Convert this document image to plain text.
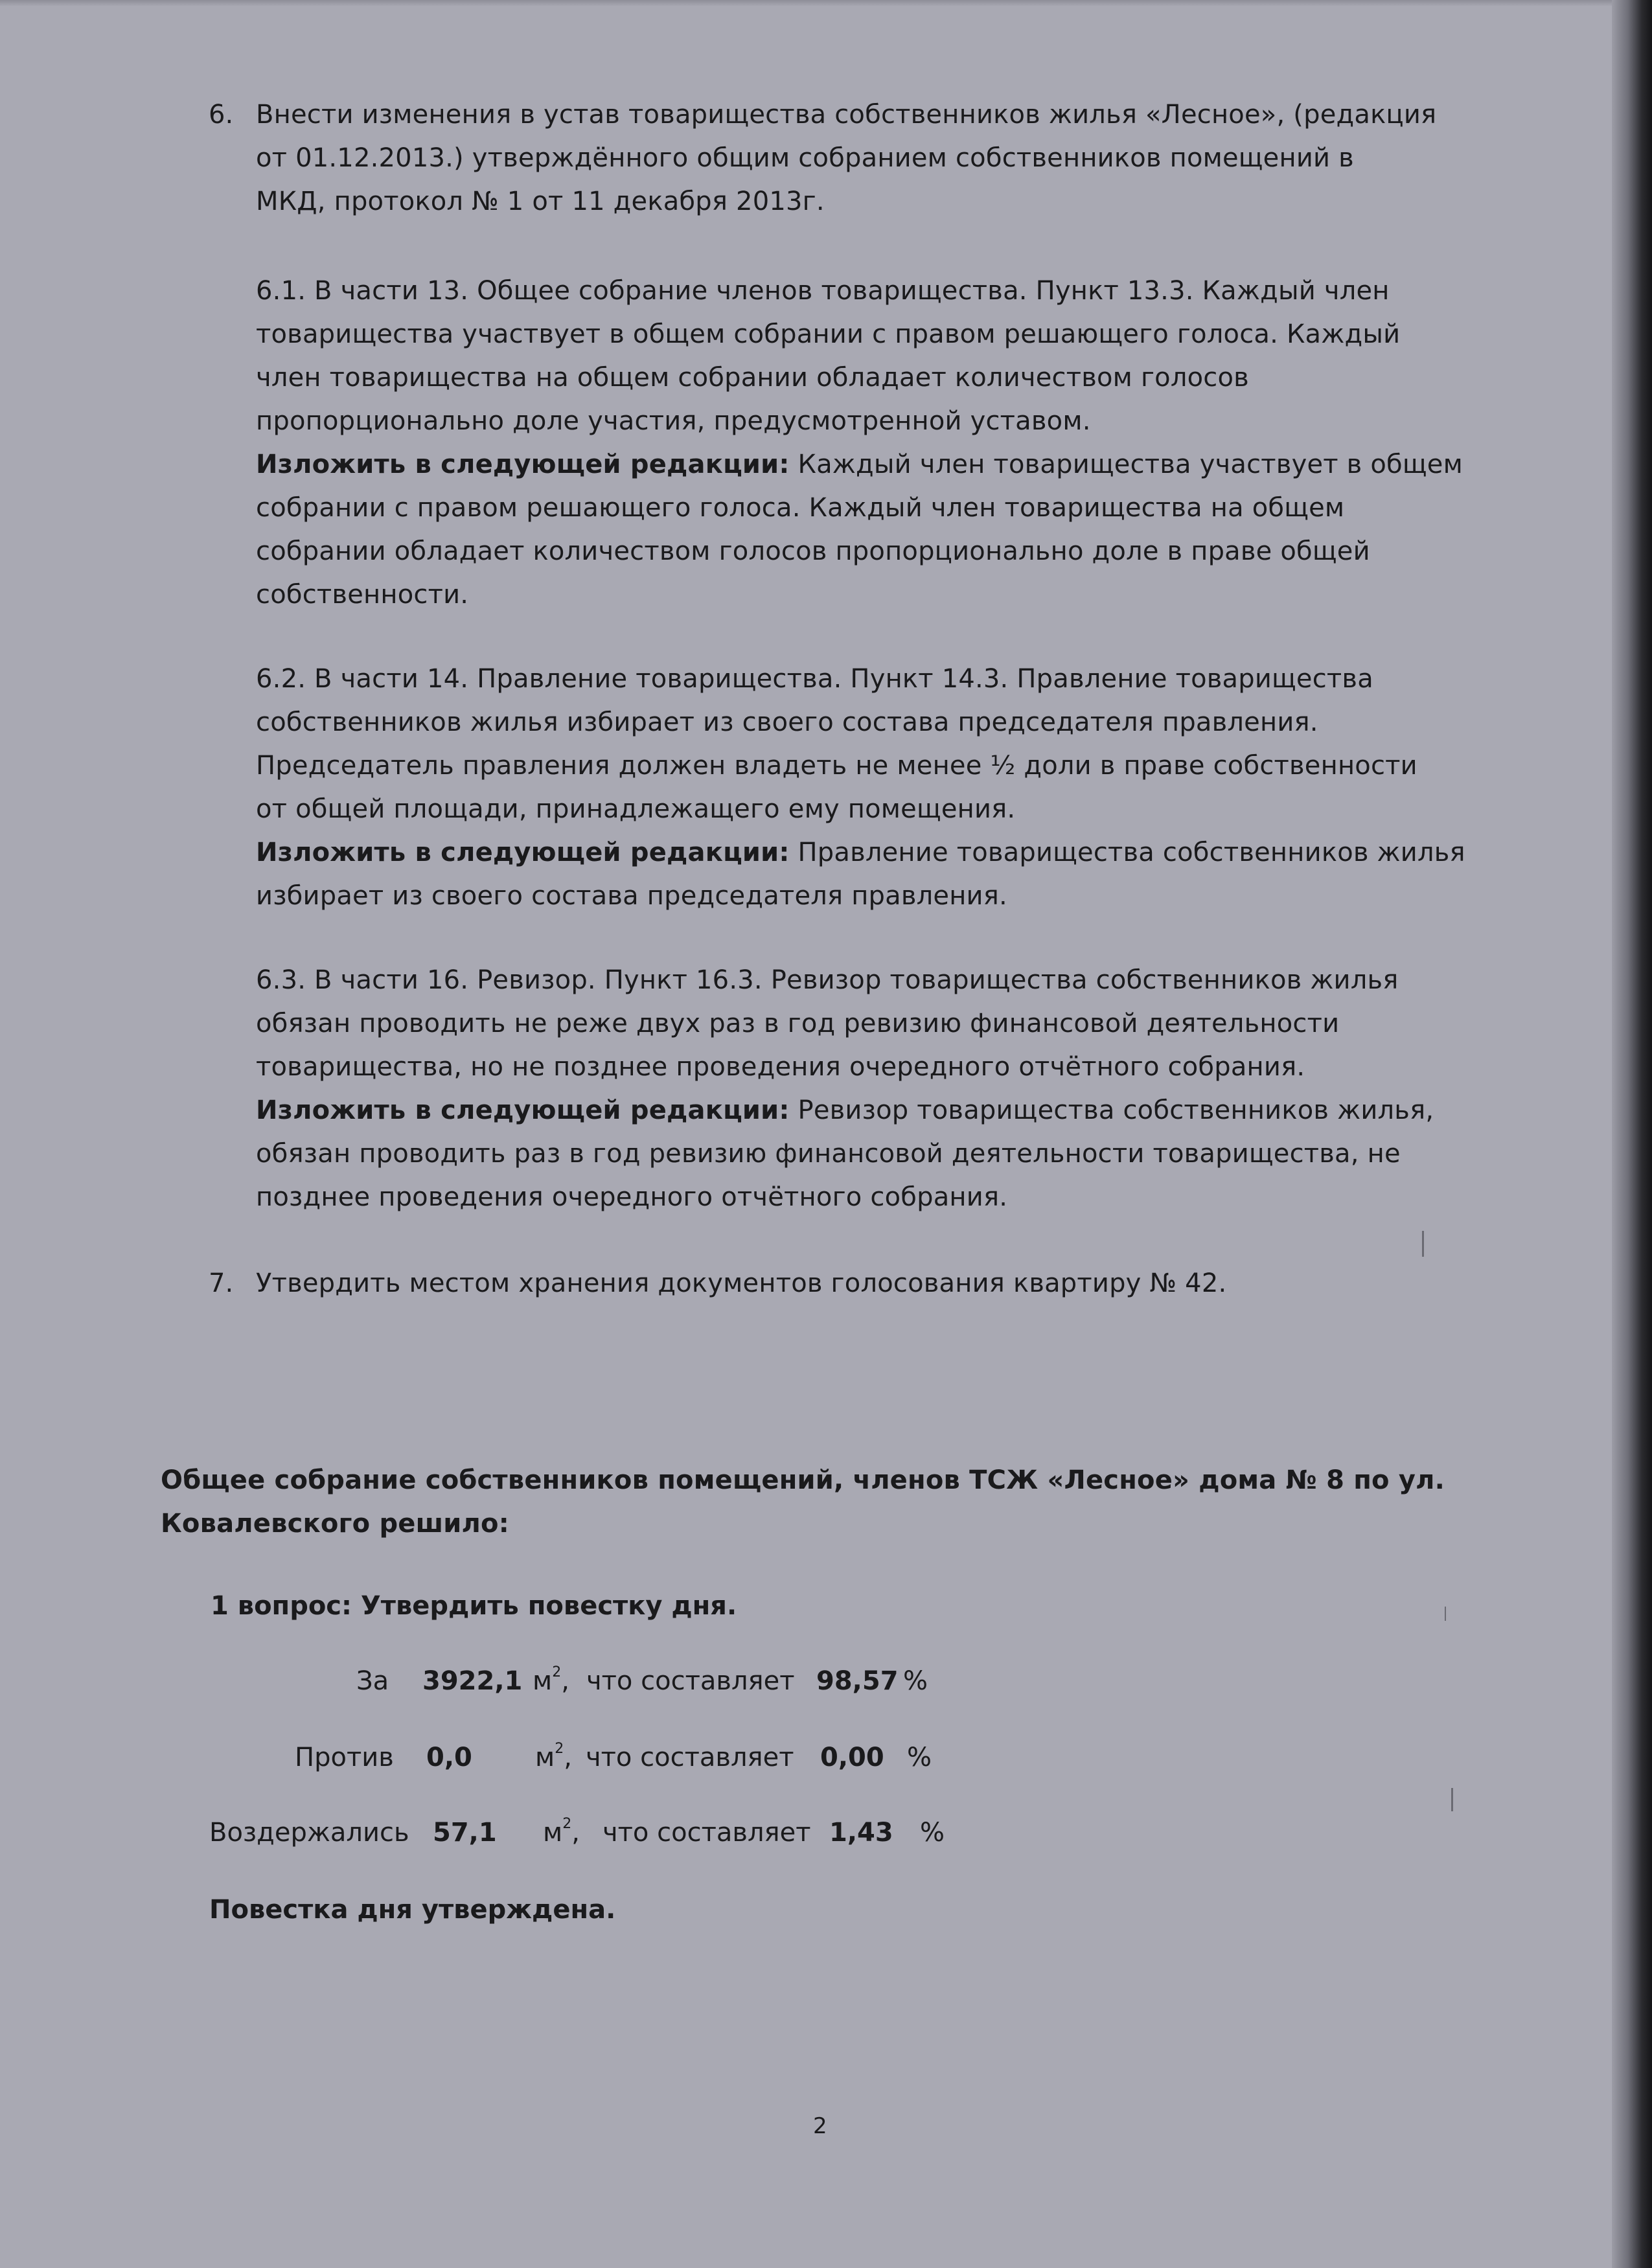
6. Внести изменения в устав товарищества собственников жилья «Лесное», (редакция
от 01.12.2013.) утверждённого общим собранием собственников помещений в
МКД, протокол № 1 от 11 декабря 2013г.
6.1. В части 13. Общее собрание членов товарищества. Пункт 13.3. Каждый член
товарищества участвует в общем собрании с правом решающего голоса. Каждый
член товарищества на общем собрании обладает количеством голосов
пропорционально доле участия, предусмотренной уставом.
Изложить в следующей редакции: Каждый член товарищества участвует в общем
собрании с правом решающего голоса. Каждый член товарищества на общем
собрании обладает количеством голосов пропорционально доле в праве общей
собственности.
6.2. В части 14. Правление товарищества. Пункт 14.3. Правление товарищества
собственников жилья избирает из своего состава председателя правления.
Председатель правления должен владеть не менее ½ доли в праве собственности
от общей площади, принадлежащего ему помещения.
Изложить в следующей редакции: Правление товарищества собственников жилья
избирает из своего состава председателя правления.
6.3. В части 16. Ревизор. Пункт 16.3. Ревизор товарищества собственников жилья
обязан проводить не реже двух раз в год ревизию финансовой деятельности
товарищества, но не позднее проведения очередного отчётного собрания.
Изложить в следующей редакции: Ревизор товарищества собственников жилья,
обязан проводить раз в год ревизию финансовой деятельности товарищества, не
позднее проведения очередного отчётного собрания.
7. Утвердить местом хранения документов голосования квартиру № 42.
Общее собрание собственников помещений, членов ТСЖ «Лесное» дома № 8 по ул.
Ковалевского решило:
1 вопрос: Утвердить повестку дня.
За 3922,1 $м^2$, что составляет 98,57 %
Против 0,0 $м^2$, что составляет 0,00 %
Воздержались 57,1 $м^2$, что составляет 1,43 %
Повестка дня утверждена.
2
